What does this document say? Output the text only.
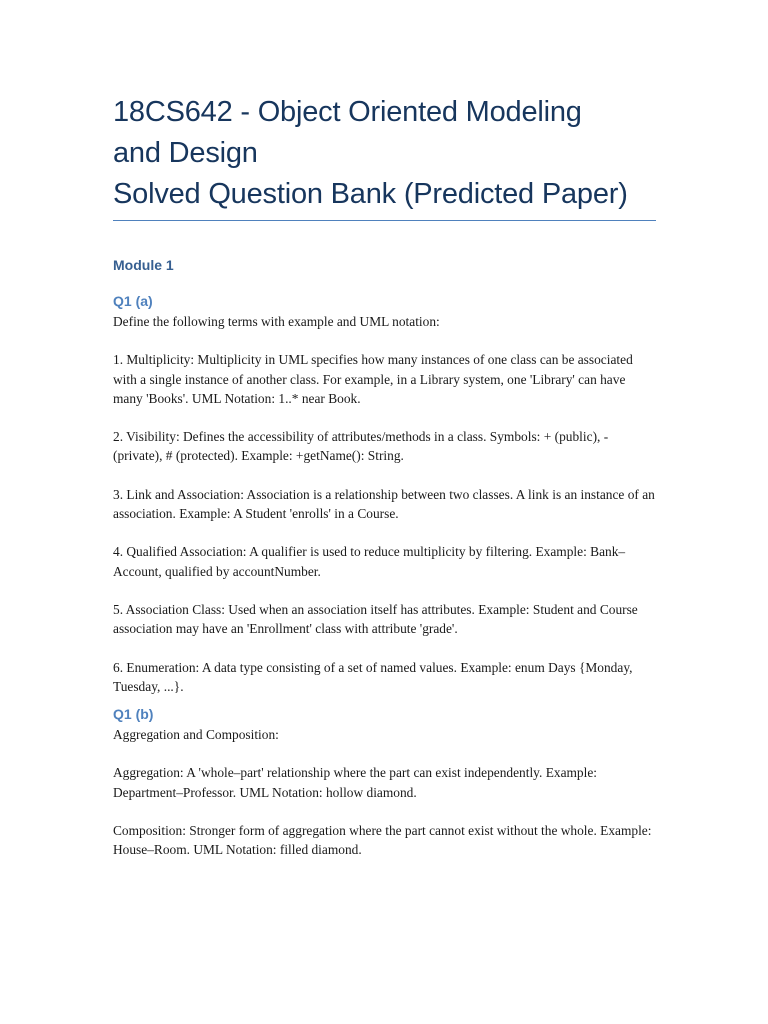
18CS642 - Object Oriented Modeling
and Design
Solved Question Bank (Predicted Paper)
Module 1
Q1 (a)

Define the following terms with example and UML notation:

1. Multiplicity: Multiplicity in UML specifies how many instances of one class can be associated with a single instance of another class. For example, in a Library system, one 'Library' can have many 'Books'. UML Notation: 1..* near Book.

2. Visibility: Defines the accessibility of attributes/methods in a class. Symbols: + (public), - (private), # (protected). Example: +getName(): String.

3. Link and Association: Association is a relationship between two classes. A link is an instance of an association. Example: A Student 'enrolls' in a Course.

4. Qualified Association: A qualifier is used to reduce multiplicity by filtering. Example: Bank–Account, qualified by accountNumber.

5. Association Class: Used when an association itself has attributes. Example: Student and Course association may have an 'Enrollment' class with attribute 'grade'.

6. Enumeration: A data type consisting of a set of named values. Example: enum Days {Monday, Tuesday, ...}.

Q1 (b)

Aggregation and Composition:

Aggregation: A 'whole–part' relationship where the part can exist independently. Example: Department–Professor. UML Notation: hollow diamond.

Composition: Stronger form of aggregation where the part cannot exist without the whole. Example: House–Room. UML Notation: filled diamond.
